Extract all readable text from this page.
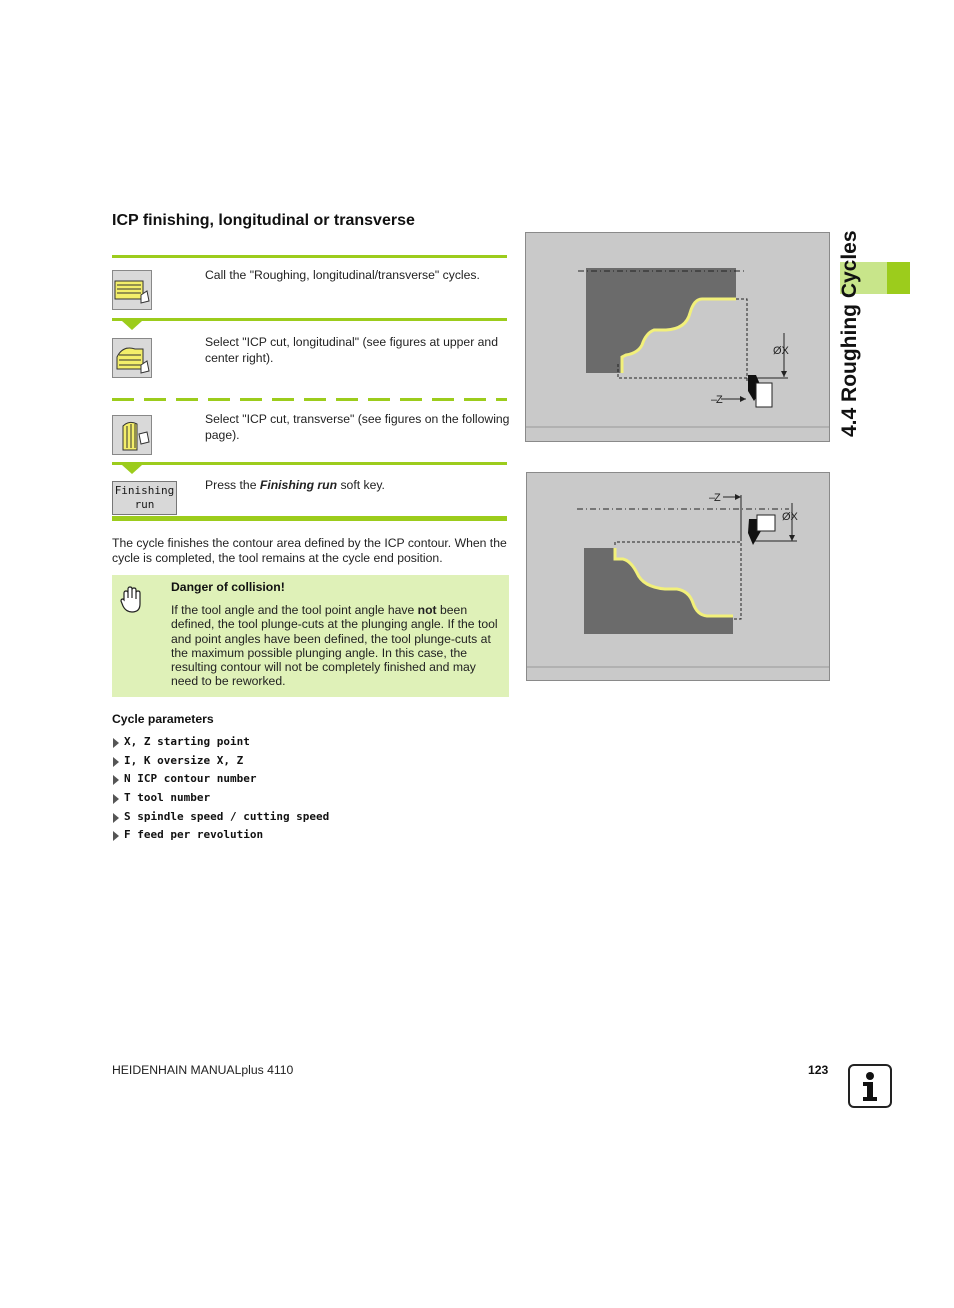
ICP finishing, longitudinal or transverse
Call the "Roughing, longitudinal/transverse" cycles.
Select "ICP cut, longitudinal" (see figures at upper and center right).
Select "ICP cut, transverse" (see figures on the following page).
Finishing
run
Press the Finishing run soft key.
The cycle finishes the contour area defined by the ICP contour. When the cycle is completed, the tool remains at the cycle end position.
Danger of collision!
If the tool angle and the tool point angle have not been defined, the tool plunge-cuts at the plunging angle. If the tool and point angles have been defined, the tool plunge-cuts at the maximum possible plunging angle. In this case, the resulting contour will not be completely finished and may need to be reworked.
Cycle parameters
X, Z starting point
I, K oversize X, Z
N ICP contour number
T tool number
S spindle speed / cutting speed
F feed per revolution
–
Z
ØX
–
Z
ØX
4.4 Roughing Cycles
HEIDENHAIN MANUALplus 4110	123
